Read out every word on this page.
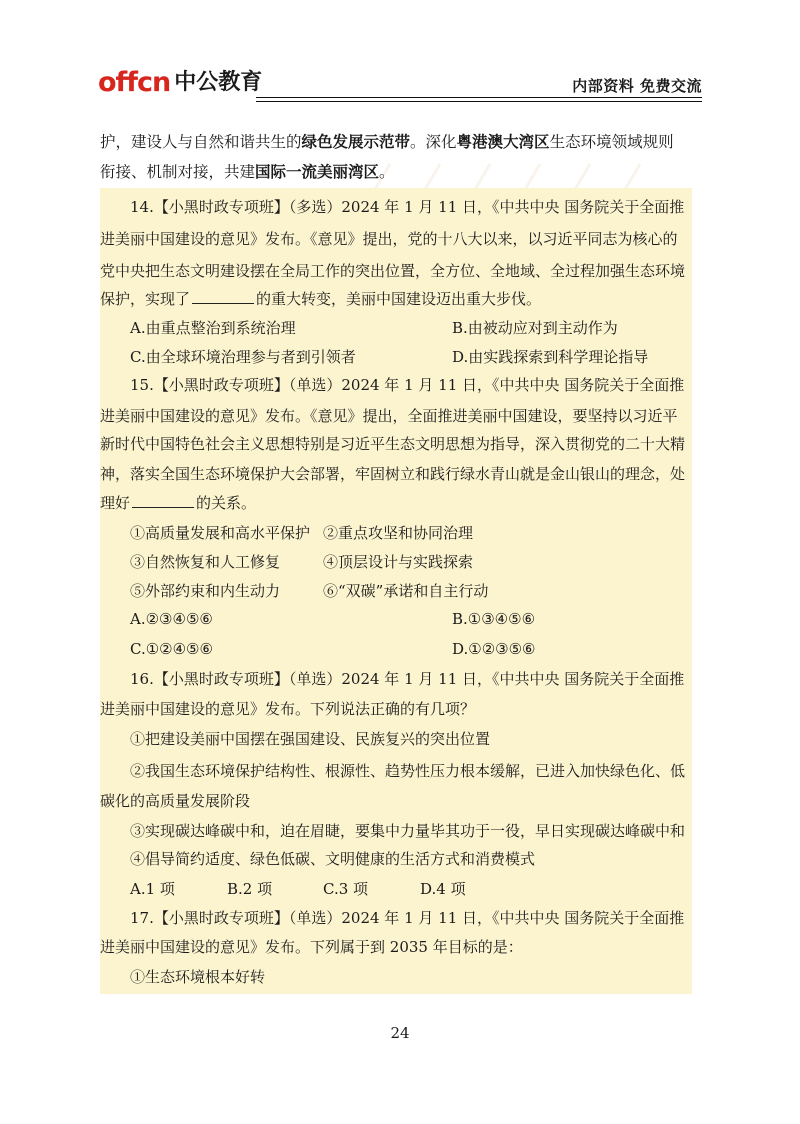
offcn 中公教育	内部资料 免费交流

护，建设人与自然和谐共生的绿色发展示范带。深化粤港澳大湾区生态环境领域规则

衔接、机制对接，共建国际一流美丽湾区。

14.【小黑时政专项班】（多选）2024 年 1 月 11 日，《中共中央 国务院关于全面推
进美丽中国建设的意见》发布。《意见》提出，党的十八大以来，以习近平同志为核心的
党中央把生态文明建设摆在全局工作的突出位置，全方位、全地域、全过程加强生态环境
保护，实现了	的重大转变，美丽中国建设迈出重大步伐。
A.由重点整治到系统治理	B.由被动应对到主动作为
C.由全球环境治理参与者到引领者	D.由实践探索到科学理论指导
15.【小黑时政专项班】（单选）2024 年 1 月 11 日，《中共中央 国务院关于全面推
进美丽中国建设的意见》发布。《意见》提出，全面推进美丽中国建设，要坚持以习近平
新时代中国特色社会主义思想特别是习近平生态文明思想为指导，深入贯彻党的二十大精
神，落实全国生态环境保护大会部署，牢固树立和践行绿水青山就是金山银山的理念，处
理好	的关系。
①高质量发展和高水平保护 ②重点攻坚和协同治理
③自然恢复和人工修复	④顶层设计与实践探索
⑤外部约束和内生动力	⑥“双碳”承诺和自主行动
A.②③④⑤⑥	B.①③④⑤⑥
C.①②④⑤⑥	D.①②③⑤⑥
16.【小黑时政专项班】（单选）2024 年 1 月 11 日，《中共中央 国务院关于全面推
进美丽中国建设的意见》发布。下列说法正确的有几项？
①把建设美丽中国摆在强国建设、民族复兴的突出位置
②我国生态环境保护结构性、根源性、趋势性压力根本缓解，已进入加快绿色化、低
碳化的高质量发展阶段
③实现碳达峰碳中和，迫在眉睫，要集中力量毕其功于一役，早日实现碳达峰碳中和
④倡导简约适度、绿色低碳、文明健康的生活方式和消费模式
A.1 项	B.2 项	C.3 项	D.4 项
17.【小黑时政专项班】（单选）2024 年 1 月 11 日，《中共中央 国务院关于全面推
进美丽中国建设的意见》发布。下列属于到 2035 年目标的是：
①生态环境根本好转
24
